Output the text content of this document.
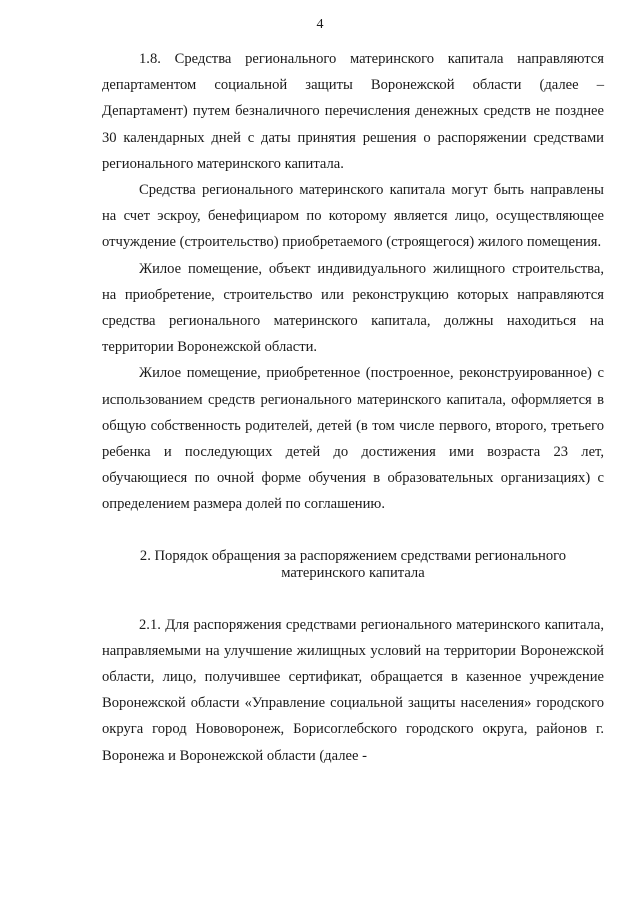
4

1.8. Средства регионального материнского капитала направляются департаментом социальной защиты Воронежской области (далее – Департамент) путем безналичного перечисления денежных средств не позднее 30 календарных дней с даты принятия решения о распоряжении средствами регионального материнского капитала.

Средства регионального материнского капитала могут быть направлены на счет эскроу, бенефициаром по которому является лицо, осуществляющее отчуждение (строительство) приобретаемого (строящегося) жилого помещения.

Жилое помещение, объект индивидуального жилищного строительства, на приобретение, строительство или реконструкцию которых направляются средства регионального материнского капитала, должны находиться на территории Воронежской области.

Жилое помещение, приобретенное (построенное, реконструированное) с использованием средств регионального материнского капитала, оформляется в общую собственность родителей, детей (в том числе первого, второго, третьего ребенка и последующих детей до достижения ими возраста 23 лет, обучающиеся по очной форме обучения в образовательных организациях) с определением размера долей по соглашению.

2. Порядок обращения за распоряжением средствами регионального
материнского капитала

2.1. Для распоряжения средствами регионального материнского капитала, направляемыми на улучшение жилищных условий на территории Воронежской области, лицо, получившее сертификат, обращается в казенное учреждение Воронежской области «Управление социальной защиты населения» городского округа город Нововоронеж, Борисоглебского городского округа, районов г. Воронежа и Воронежской области (далее -
